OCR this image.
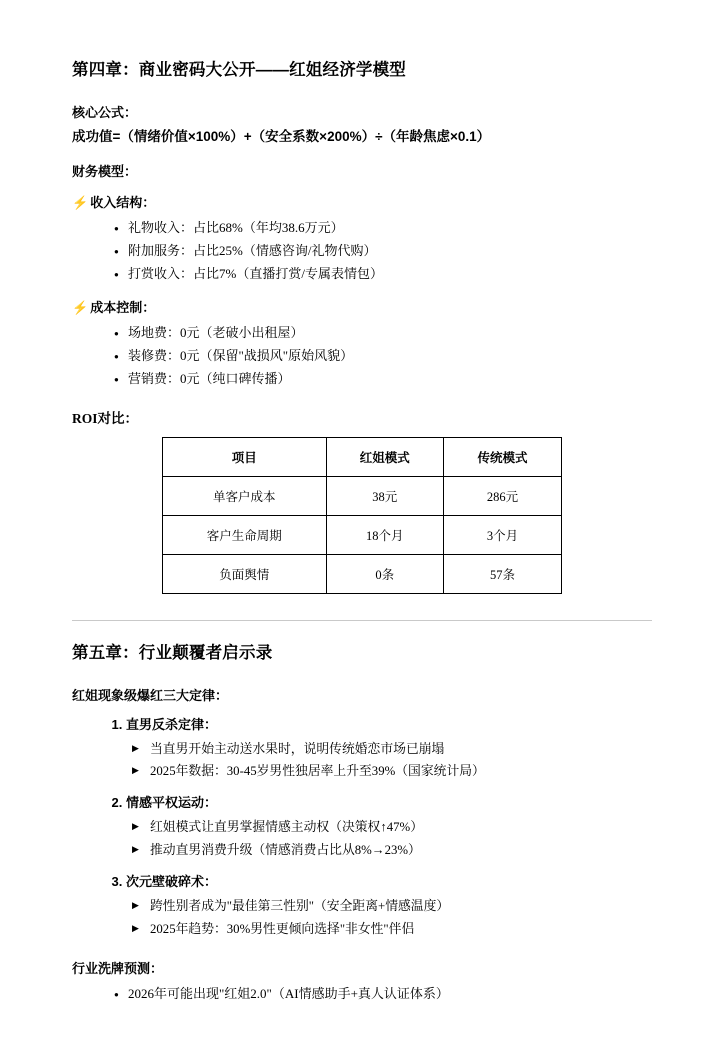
第四章：商业密码大公开——红姐经济学模型
核心公式：
成功值=（情绪价值×100%）+（安全系数×200%）÷（年龄焦虑×0.1）
财务模型：
⚡ 收入结构：
● 礼物收入：占比68%（年均38.6万元）
● 附加服务：占比25%（情感咨询/礼物代购）
● 打赏收入：占比7%（直播打赏/专属表情包）
⚡ 成本控制：
● 场地费：0元（老破小出租屋）
● 装修费：0元（保留"战损风"原始风貌）
● 营销费：0元（纯口碑传播）
ROI对比：
项目	红姐模式	传统模式
单客户成本	38元	286元
客户生命周期	18个月	3个月
负面舆情	0条	57条
第五章：行业颠覆者启示录
红姐现象级爆红三大定律：
1. 直男反杀定律：
▶ 当直男开始主动送水果时，说明传统婚恋市场已崩塌
▶ 2025年数据：30-45岁男性独居率上升至39%（国家统计局）
2. 情感平权运动：
▶ 红姐模式让直男掌握情感主动权（决策权↑47%）
▶ 推动直男消费升级（情感消费占比从8%→23%）
3. 次元壁破碎术：
▶ 跨性别者成为"最佳第三性别"（安全距离+情感温度）
▶ 2025年趋势：30%男性更倾向选择"非女性"伴侣
行业洗牌预测：
● 2026年可能出现"红姐2.0"（AI情感助手+真人认证体系）
